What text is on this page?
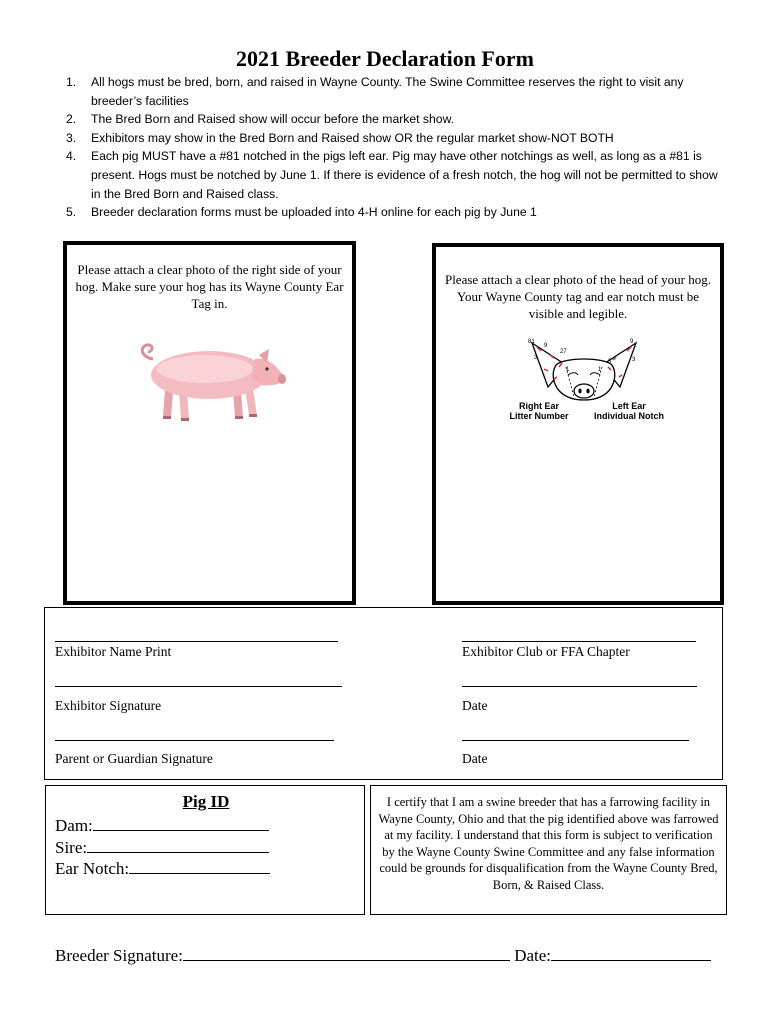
2021 Breeder Declaration Form
1. All hogs must be bred, born, and raised in Wayne County. The Swine Committee reserves the right to visit any breeder’s facilities
2. The Bred Born and Raised show will occur before the market show.
3. Exhibitors may show in the Bred Born and Raised show OR the regular market show-NOT BOTH
4. Each pig MUST have a #81 notched in the pigs left ear. Pig may have other notchings as well, as long as a #81 is present. Hogs must be notched by June 1. If there is evidence of a fresh notch, the hog will not be permitted to show in the Bred Born and Raised class.
5. Breeder declaration forms must be uploaded into 4-H online for each pig by June 1
Please attach a clear photo of the right side of your hog. Make sure your hog has its Wayne County Ear Tag in.
Please attach a clear photo of the head of your hog. Your Wayne County tag and ear notch must be visible and legible.
81
9
27
3
1
3
1
9
3
Right Ear
Litter Number
Left Ear
Individual Notch
Exhibitor Name Print	Exhibitor Club or FFA Chapter
Exhibitor Signature	Date
Parent or Guardian Signature	Date
Pig ID
Dam:
Sire:
Ear Notch:
I certify that I am a swine breeder that has a farrowing facility in Wayne County, Ohio and that the pig identified above was farrowed at my facility. I understand that this form is subject to verification by the Wayne County Swine Committee and any false information could be grounds for disqualification from the Wayne County Bred, Born, & Raised Class.
Breeder Signature:	Date:
